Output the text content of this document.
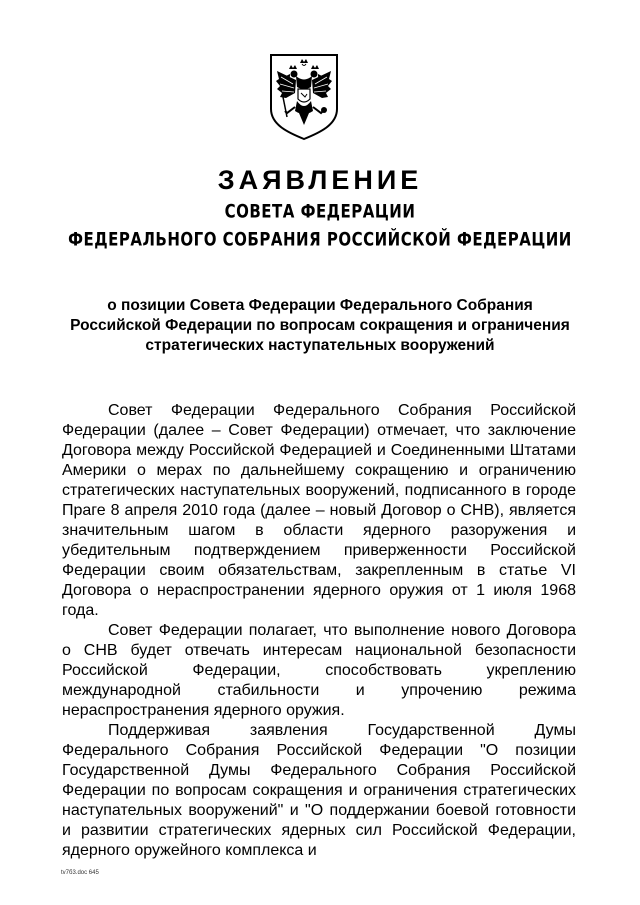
ЗАЯВЛЕНИЕ
СОВЕТА ФЕДЕРАЦИИ
ФЕДЕРАЛЬНОГО СОБРАНИЯ РОССИЙСКОЙ ФЕДЕРАЦИИ
о позиции Совета Федерации Федерального Собрания
Российской Федерации по вопросам сокращения и ограничения
стратегических наступательных вооружений

Совет Федерации Федерального Собрания Российской Федерации (далее – Совет Федерации) отмечает, что заключение Договора между Российской Федерацией и Соединенными Штатами Америки о мерах по дальнейшему сокращению и ограничению стратегических наступательных вооружений, подписанного в городе Праге 8 апреля 2010 года (далее – новый Договор о СНВ), является значительным шагом в области ядерного разоружения и убедительным подтверждением приверженности Российской Федерации своим обязательствам, закрепленным в статье VI Договора о нераспространении ядерного оружия от 1 июля 1968 года.

Совет Федерации полагает, что выполнение нового Договора о СНВ будет отвечать интересам национальной безопасности Российской Федерации, способствовать укреплению международной стабильности и упрочению режима нераспространения ядерного оружия.

Поддерживая заявления Государственной Думы Федерального Собрания Российской Федерации "О позиции Государственной Думы Федерального Собрания Российской Федерации по вопросам сокращения и ограничения стратегических наступательных вооружений" и "О поддержании боевой готовности и развитии стратегических ядерных сил Российской Федерации, ядерного оружейного комплекса и

tv7б3.doc 645
